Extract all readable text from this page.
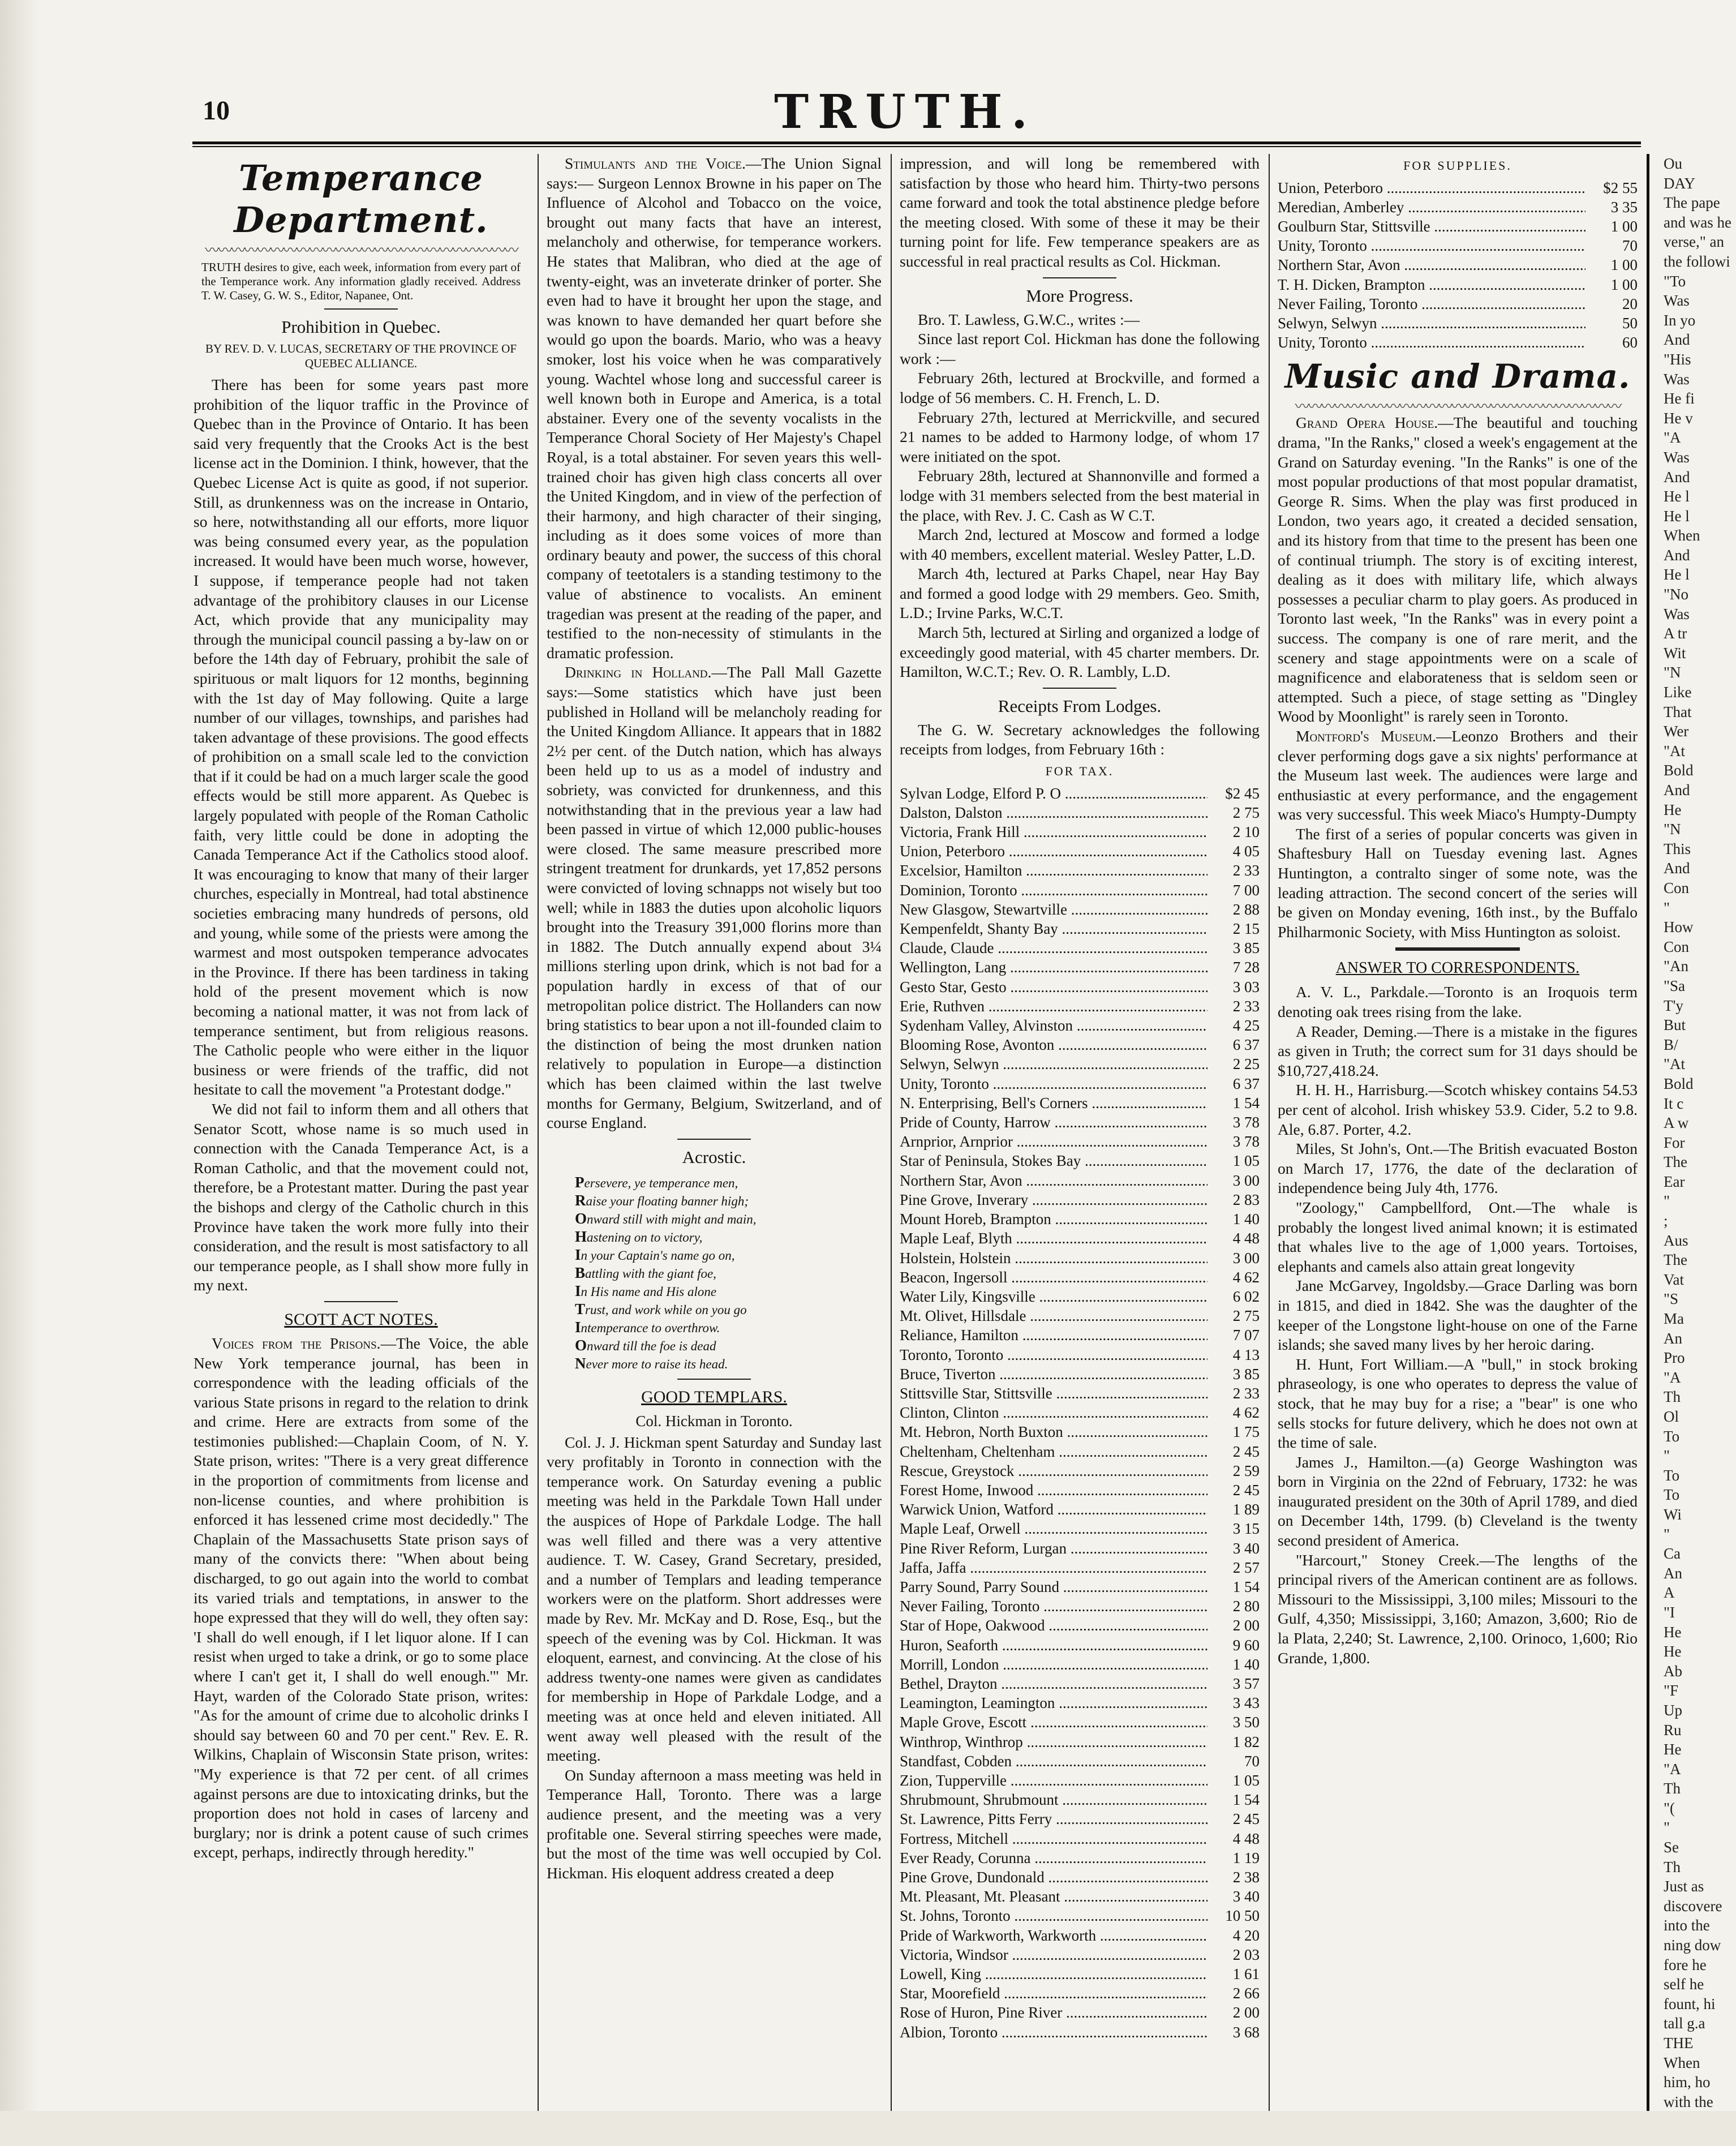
10	TRUTH.
Temperance Department.
〰〰〰〰〰〰〰〰〰〰〰〰〰〰〰〰〰〰〰〰〰〰〰〰
TRUTH desires to give, each week, information from every part of the Temperance work. Any information gladly received. Address T. W. Casey, G. W. S., Editor, Napanee, Ont.
Prohibition in Quebec.
BY REV. D. V. LUCAS, SECRETARY OF THE PROVINCE OF QUEBEC ALLIANCE.

There has been for some years past more prohibition of the liquor traffic in the Province of Quebec than in the Province of Ontario. It has been said very frequently that the Crooks Act is the best license act in the Dominion. I think, however, that the Quebec License Act is quite as good, if not superior. Still, as drunkenness was on the increase in Ontario, so here, notwithstanding all our efforts, more liquor was being consumed every year, as the population increased. It would have been much worse, however, I suppose, if temperance people had not taken advantage of the prohibitory clauses in our License Act, which provide that any municipality may through the municipal council passing a by-law on or before the 14th day of February, prohibit the sale of spirituous or malt liquors for 12 months, beginning with the 1st day of May following. Quite a large number of our villages, townships, and parishes had taken advantage of these provisions. The good effects of prohibition on a small scale led to the conviction that if it could be had on a much larger scale the good effects would be still more apparent. As Quebec is largely populated with people of the Roman Catholic faith, very little could be done in adopting the Canada Temperance Act if the Catholics stood aloof. It was encouraging to know that many of their larger churches, especially in Montreal, had total abstinence societies embracing many hundreds of persons, old and young, while some of the priests were among the warmest and most outspoken temperance advocates in the Province. If there has been tardiness in taking hold of the present movement which is now becoming a national matter, it was not from lack of temperance sentiment, but from religious reasons. The Catholic people who were either in the liquor business or were friends of the traffic, did not hesitate to call the movement "a Protestant dodge."

We did not fail to inform them and all others that Senator Scott, whose name is so much used in connection with the Canada Temperance Act, is a Roman Catholic, and that the movement could not, therefore, be a Protestant matter. During the past year the bishops and clergy of the Catholic church in this Province have taken the work more fully into their consideration, and the result is most satisfactory to all our temperance people, as I shall show more fully in my next.

SCOTT ACT NOTES.

Voices from the Prisons.—The Voice, the able New York temperance journal, has been in correspondence with the leading officials of the various State prisons in regard to the relation to drink and crime. Here are extracts from some of the testimonies published:—Chaplain Coom, of N. Y. State prison, writes: "There is a very great difference in the proportion of commitments from license and non-license counties, and where prohibition is enforced it has lessened crime most decidedly." The Chaplain of the Massachusetts State prison says of many of the convicts there: "When about being discharged, to go out again into the world to combat its varied trials and temptations, in answer to the hope expressed that they will do well, they often say: 'I shall do well enough, if I let liquor alone. If I can resist when urged to take a drink, or go to some place where I can't get it, I shall do well enough.'" Mr. Hayt, warden of the Colorado State prison, writes: "As for the amount of crime due to alcoholic drinks I should say between 60 and 70 per cent." Rev. E. R. Wilkins, Chaplain of Wisconsin State prison, writes: "My experience is that 72 per cent. of all crimes against persons are due to intoxicating drinks, but the proportion does not hold in cases of larceny and burglary; nor is drink a potent cause of such crimes except, perhaps, indirectly through heredity."

Stimulants and the Voice.—The Union Signal says:— Surgeon Lennox Browne in his paper on The Influence of Alcohol and Tobacco on the voice, brought out many facts that have an interest, melancholy and otherwise, for temperance workers. He states that Malibran, who died at the age of twenty-eight, was an inveterate drinker of porter. She even had to have it brought her upon the stage, and was known to have demanded her quart before she would go upon the boards. Mario, who was a heavy smoker, lost his voice when he was comparatively young. Wachtel whose long and successful career is well known both in Europe and America, is a total abstainer. Every one of the seventy vocalists in the Temperance Choral Society of Her Majesty's Chapel Royal, is a total abstainer. For seven years this well-trained choir has given high class concerts all over the United Kingdom, and in view of the perfection of their harmony, and high character of their singing, including as it does some voices of more than ordinary beauty and power, the success of this choral company of teetotalers is a standing testimony to the value of abstinence to vocalists. An eminent tragedian was present at the reading of the paper, and testified to the non-necessity of stimulants in the dramatic profession.

Drinking in Holland.—The Pall Mall Gazette says:—Some statistics which have just been published in Holland will be melancholy reading for the United Kingdom Alliance. It appears that in 1882 2½ per cent. of the Dutch nation, which has always been held up to us as a model of industry and sobriety, was convicted for drunkenness, and this notwithstanding that in the previous year a law had been passed in virtue of which 12,000 public-houses were closed. The same measure prescribed more stringent treatment for drunkards, yet 17,852 persons were convicted of loving schnapps not wisely but too well; while in 1883 the duties upon alcoholic liquors brought into the Treasury 391,000 florins more than in 1882. The Dutch annually expend about 3¼ millions sterling upon drink, which is not bad for a population hardly in excess of that of our metropolitan police district. The Hollanders can now bring statistics to bear upon a not ill-founded claim to the distinction of being the most drunken nation relatively to population in Europe—a distinction which has been claimed within the last twelve months for Germany, Belgium, Switzerland, and of course England.

Acrostic.
Persevere, ye temperance men,
Raise your floating banner high;
Onward still with might and main,
Hastening on to victory,
In your Captain's name go on,
Battling with the giant foe,
In His name and His alone
Trust, and work while on you go
Intemperance to overthrow.
Onward till the foe is dead
Never more to raise its head.
GOOD TEMPLARS.
Col. Hickman in Toronto.

Col. J. J. Hickman spent Saturday and Sunday last very profitably in Toronto in connection with the temperance work. On Saturday evening a public meeting was held in the Parkdale Town Hall under the auspices of Hope of Parkdale Lodge. The hall was well filled and there was a very attentive audience. T. W. Casey, Grand Secretary, presided, and a number of Templars and leading temperance workers were on the platform. Short addresses were made by Rev. Mr. McKay and D. Rose, Esq., but the speech of the evening was by Col. Hickman. It was eloquent, earnest, and convincing. At the close of his address twenty-one names were given as candidates for membership in Hope of Parkdale Lodge, and a meeting was at once held and eleven initiated. All went away well pleased with the result of the meeting.

On Sunday afternoon a mass meeting was held in Temperance Hall, Toronto. There was a large audience present, and the meeting was a very profitable one. Several stirring speeches were made, but the most of the time was well occupied by Col. Hickman. His eloquent address created a deep

impression, and will long be remembered with satisfaction by those who heard him. Thirty-two persons came forward and took the total abstinence pledge before the meeting closed. With some of these it may be their turning point for life. Few temperance speakers are as successful in real practical results as Col. Hickman.

More Progress.

Bro. T. Lawless, G.W.C., writes :—

Since last report Col. Hickman has done the following work :—

February 26th, lectured at Brockville, and formed a lodge of 56 members. C. H. French, L. D.

February 27th, lectured at Merrickville, and secured 21 names to be added to Harmony lodge, of whom 17 were initiated on the spot.

February 28th, lectured at Shannonville and formed a lodge with 31 members selected from the best material in the place, with Rev. J. C. Cash as W C.T.

March 2nd, lectured at Moscow and formed a lodge with 40 members, excellent material. Wesley Patter, L.D.

March 4th, lectured at Parks Chapel, near Hay Bay and formed a good lodge with 29 members. Geo. Smith, L.D.; Irvine Parks, W.C.T.

March 5th, lectured at Sirling and organized a lodge of exceedingly good material, with 45 charter members. Dr. Hamilton, W.C.T.; Rev. O. R. Lambly, L.D.

Receipts From Lodges.

The G. W. Secretary acknowledges the following receipts from lodges, from February 16th :

FOR TAX.
Sylvan Lodge, Elford P. O .....	$2 45
Dalston, Dalston .....	2 75
Victoria, Frank Hill .....	2 10
Union, Peterboro .....	4 05
Excelsior, Hamilton .....	2 33
Dominion, Toronto .....	7 00
New Glasgow, Stewartville .....	2 88
Kempenfeldt, Shanty Bay .....	2 15
Claude, Claude .....	3 85
Wellington, Lang .....	7 28
Gesto Star, Gesto .....	3 03
Erie, Ruthven .....	2 33
Sydenham Valley, Alvinston .....	4 25
Blooming Rose, Avonton .....	6 37
Selwyn, Selwyn .....	2 25
Unity, Toronto .....	6 37
N. Enterprising, Bell's Corners .....	1 54
Pride of County, Harrow .....	3 78
Arnprior, Arnprior .....	3 78
Star of Peninsula, Stokes Bay .....	1 05
Northern Star, Avon .....	3 00
Pine Grove, Inverary .....	2 83
Mount Horeb, Brampton .....	1 40
Maple Leaf, Blyth .....	4 48
Holstein, Holstein .....	3 00
Beacon, Ingersoll .....	4 62
Water Lily, Kingsville .....	6 02
Mt. Olivet, Hillsdale .....	2 75
Reliance, Hamilton .....	7 07
Toronto, Toronto .....	4 13
Bruce, Tiverton .....	3 85
Stittsville Star, Stittsville .....	2 33
Clinton, Clinton .....	4 62
Mt. Hebron, North Buxton .....	1 75
Cheltenham, Cheltenham .....	2 45
Rescue, Greystock .....	2 59
Forest Home, Inwood .....	2 45
Warwick Union, Watford .....	1 89
Maple Leaf, Orwell .....	3 15
Pine River Reform, Lurgan .....	3 40
Jaffa, Jaffa .....	2 57
Parry Sound, Parry Sound .....	1 54
Never Failing, Toronto .....	2 80
Star of Hope, Oakwood .....	2 00
Huron, Seaforth .....	9 60
Morrill, London .....	1 40
Bethel, Drayton .....	3 57
Leamington, Leamington .....	3 43
Maple Grove, Escott .....	3 50
Winthrop, Winthrop .....	1 82
Standfast, Cobden .....	70
Zion, Tupperville .....	1 05
Shrubmount, Shrubmount .....	1 54
St. Lawrence, Pitts Ferry .....	2 45
Fortress, Mitchell .....	4 48
Ever Ready, Corunna .....	1 19
Pine Grove, Dundonald .....	2 38
Mt. Pleasant, Mt. Pleasant .....	3 40
St. Johns, Toronto .....	10 50
Pride of Warkworth, Warkworth .....	4 20
Victoria, Windsor .....	2 03
Lowell, King .....	1 61
Star, Moorefield .....	2 66
Rose of Huron, Pine River .....	2 00
Albion, Toronto .....	3 68
FOR SUPPLIES.
Union, Peterboro .....	$2 55
Meredian, Amberley .....	3 35
Goulburn Star, Stittsville .....	1 00
Unity, Toronto .....	70
Northern Star, Avon .....	1 00
T. H. Dicken, Brampton .....	1 00
Never Failing, Toronto .....	20
Selwyn, Selwyn .....	50
Unity, Toronto .....	60
Music and Drama.
〰〰〰〰〰〰〰〰〰〰〰〰〰〰〰〰〰〰〰〰〰〰〰〰〰

Grand Opera House.—The beautiful and touching drama, "In the Ranks," closed a week's engagement at the Grand on Saturday evening. "In the Ranks" is one of the most popular productions of that most popular dramatist, George R. Sims. When the play was first produced in London, two years ago, it created a decided sensation, and its history from that time to the present has been one of continual triumph. The story is of exciting interest, dealing as it does with military life, which always possesses a peculiar charm to play goers. As produced in Toronto last week, "In the Ranks" was in every point a success. The company is one of rare merit, and the scenery and stage appointments were on a scale of magnificence and elaborateness that is seldom seen or attempted. Such a piece, of stage setting as "Dingley Wood by Moonlight" is rarely seen in Toronto.

Montford's Museum.—Leonzo Brothers and their clever performing dogs gave a six nights' performance at the Museum last week. The audiences were large and enthusiastic at every performance, and the engagement was very successful. This week Miaco's Humpty-Dumpty

The first of a series of popular concerts was given in Shaftesbury Hall on Tuesday evening last. Agnes Huntington, a contralto singer of some note, was the leading attraction. The second concert of the series will be given on Monday evening, 16th inst., by the Buffalo Philharmonic Society, with Miss Huntington as soloist.

ANSWER TO CORRESPONDENTS.

A. V. L., Parkdale.—Toronto is an Iroquois term denoting oak trees rising from the lake.

A Reader, Deming.—There is a mistake in the figures as given in Truth; the correct sum for 31 days should be $10,727,418.24.

H. H. H., Harrisburg.—Scotch whiskey contains 54.53 per cent of alcohol. Irish whiskey 53.9. Cider, 5.2 to 9.8. Ale, 6.87. Porter, 4.2.

Miles, St John's, Ont.—The British evacuated Boston on March 17, 1776, the date of the declaration of independence being July 4th, 1776.

"Zoology," Campbellford, Ont.—The whale is probably the longest lived animal known; it is estimated that whales live to the age of 1,000 years. Tortoises, elephants and camels also attain great longevity

Jane McGarvey, Ingoldsby.—Grace Darling was born in 1815, and died in 1842. She was the daughter of the keeper of the Longstone light-house on one of the Farne islands; she saved many lives by her heroic daring.

H. Hunt, Fort William.—A "bull," in stock broking phraseology, is one who operates to depress the value of stock, that he may buy for a rise; a "bear" is one who sells stocks for future delivery, which he does not own at the time of sale.

James J., Hamilton.—(a) George Washington was born in Virginia on the 22nd of February, 1732: he was inaugurated president on the 30th of April 1789, and died on December 14th, 1799. (b) Cleveland is the twenty second president of America.

"Harcourt," Stoney Creek.—The lengths of the principal rivers of the American continent are as follows. Missouri to the Mississippi, 3,100 miles; Missouri to the Gulf, 4,350; Mississippi, 3,160; Amazon, 3,600; Rio de la Plata, 2,240; St. Lawrence, 2,100. Orinoco, 1,600; Rio Grande, 1,800.

Ou
DAY
The pape
and was he
verse," an
the followi
"To
Was
In yo
And
"His
Was
He fi
He v
"A
Was
And
He l
He l
When
And
He l
"No
Was
A tr
Wit
"N
Like
That
Wer
"At
Bold
And
He
"N
This
And
Con
"
How
Con
"An
"Sa
T'y
But
B/
"At
Bold
It c
A w
For
The
Ear
"
;
Aus
The
Vat
"S
Ma
An
Pro
"A
Th
Ol
To
"
To
To
Wi
"
Ca
An
A
"I
He
He
Ab
"F
Up
Ru
He
"A
Th
"(
"
Se
Th
Just as
discovere
into the
ning dow
fore he
self he
fount, hi
tall g.a
THE
When
him, ho
with the
